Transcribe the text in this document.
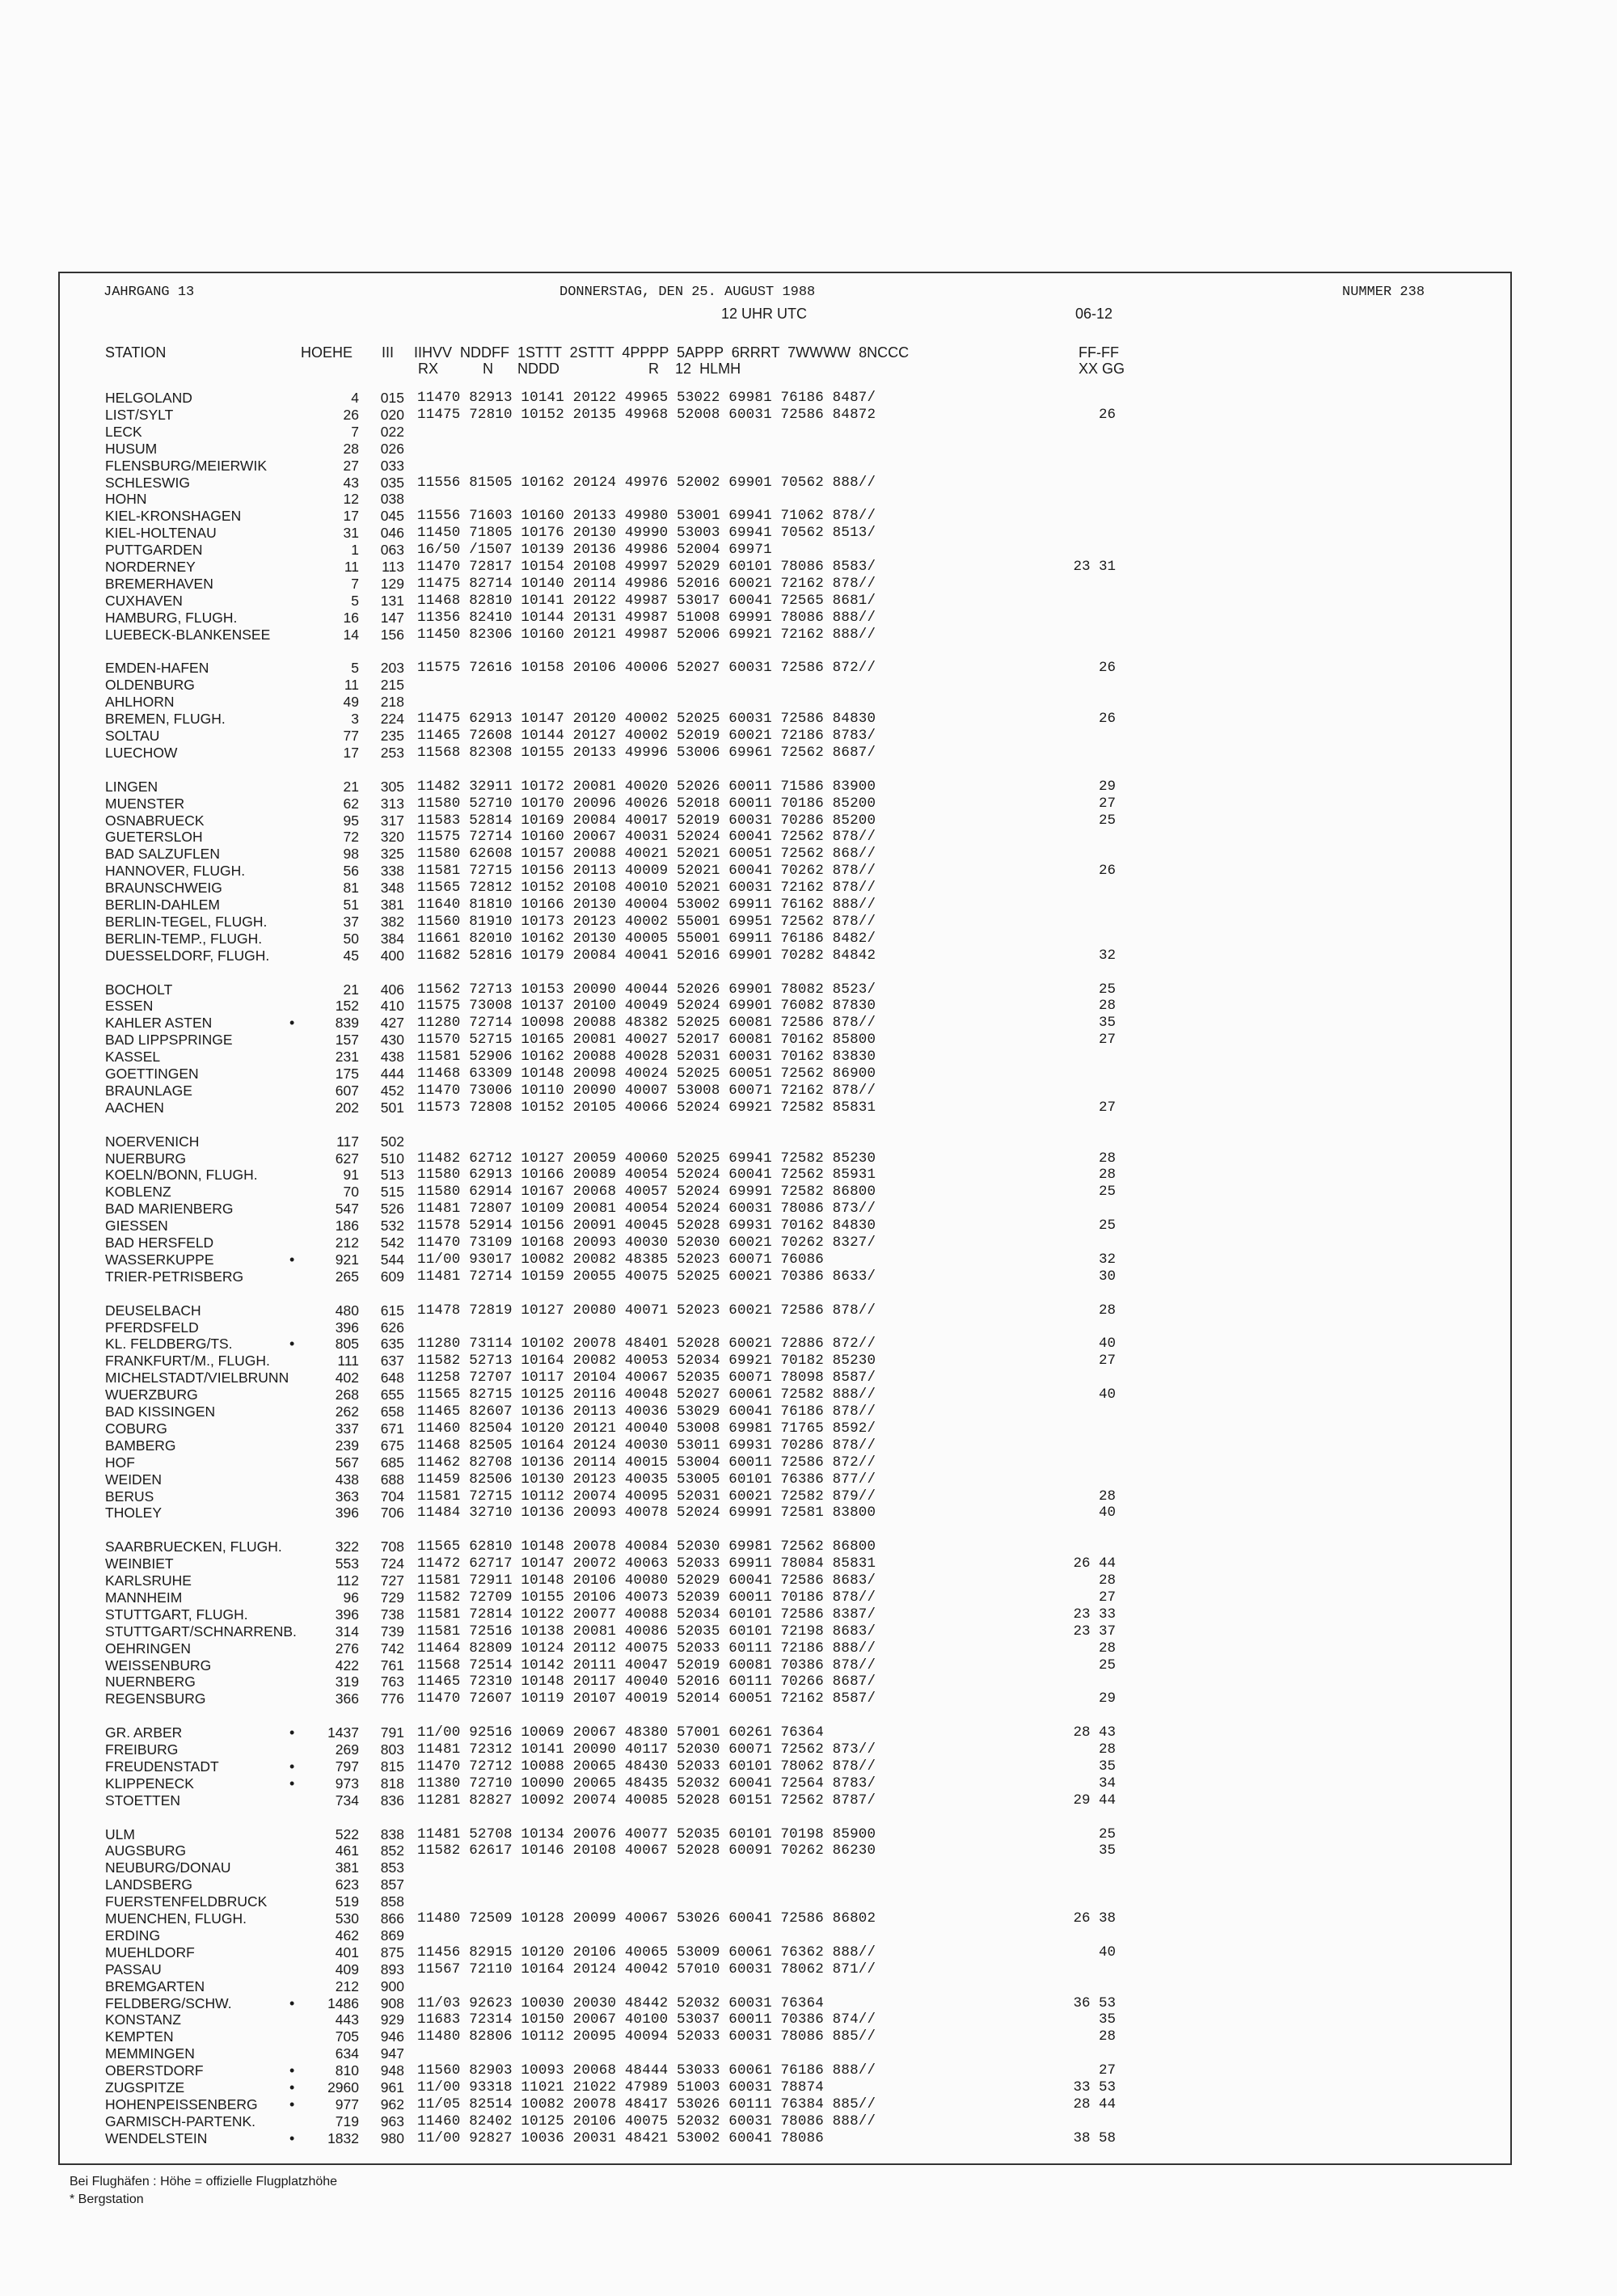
JAHRGANG 13	DONNERSTAG, DEN 25. AUGUST 1988	NUMMER 238
12 UHR UTC	06-12
STATION	HOEHE III IIHVV  NDDFF  1STTT  2STTT  4PPPP  5APPP  6RRRT  7WWWW  8NCCC
RX           N      NDDD                      R    12  HLMH
FF-FF
XX GG
HELGOLAND	4	015 11470 82913 10141 20122 49965 53022 69981 76186 8487/
LIST/SYLT	26	020 11475 72810 10152 20135 49968 52008 60031 72586 84872	26
LECK	7	022
HUSUM	28	026
FLENSBURG/MEIERWIK	27	033
SCHLESWIG	43	035 11556 81505 10162 20124 49976 52002 69901 70562 888//
HOHN	12	038
KIEL-KRONSHAGEN	17	045 11556 71603 10160 20133 49980 53001 69941 71062 878//
KIEL-HOLTENAU	31	046 11450 71805 10176 20130 49990 53003 69941 70562 8513/
PUTTGARDEN	1	063 16/50 /1507 10139 20136 49986 52004 69971
NORDERNEY	11	113 11470 72817 10154 20108 49997 52029 60101 78086 8583/	23 31
BREMERHAVEN	7	129 11475 82714 10140 20114 49986 52016 60021 72162 878//
CUXHAVEN	5	131 11468 82810 10141 20122 49987 53017 60041 72565 8681/
HAMBURG, FLUGH.	16	147 11356 82410 10144 20131 49987 51008 69991 78086 888//
LUEBECK-BLANKENSEE	14	156 11450 82306 10160 20121 49987 52006 69921 72162 888//
EMDEN-HAFEN	5	203 11575 72616 10158 20106 40006 52027 60031 72586 872//	26
OLDENBURG	11	215
AHLHORN	49	218
BREMEN, FLUGH.	3	224 11475 62913 10147 20120 40002 52025 60031 72586 84830	26
SOLTAU	77	235 11465 72608 10144 20127 40002 52019 60021 72186 8783/
LUECHOW	17	253 11568 82308 10155 20133 49996 53006 69961 72562 8687/
LINGEN	21	305 11482 32911 10172 20081 40020 52026 60011 71586 83900	29
MUENSTER	62	313 11580 52710 10170 20096 40026 52018 60011 70186 85200	27
OSNABRUECK	95	317 11583 52814 10169 20084 40017 52019 60031 70286 85200	25
GUETERSLOH	72	320 11575 72714 10160 20067 40031 52024 60041 72562 878//
BAD SALZUFLEN	98	325 11580 62608 10157 20088 40021 52021 60051 72562 868//
HANNOVER, FLUGH.	56	338 11581 72715 10156 20113 40009 52021 60041 70262 878//	26
BRAUNSCHWEIG	81	348 11565 72812 10152 20108 40010 52021 60031 72162 878//
BERLIN-DAHLEM	51	381 11640 81810 10166 20130 40004 53002 69911 76162 888//
BERLIN-TEGEL, FLUGH.	37	382 11560 81910 10173 20123 40002 55001 69951 72562 878//
BERLIN-TEMP., FLUGH.	50	384 11661 82010 10162 20130 40005 55001 69911 76186 8482/
DUESSELDORF, FLUGH.	45	400 11682 52816 10179 20084 40041 52016 69901 70282 84842	32
BOCHOLT	21	406 11562 72713 10153 20090 40044 52026 69901 78082 8523/	25
ESSEN	152	410 11575 73008 10137 20100 40049 52024 69901 76082 87830	28
KAHLER ASTEN	•	839	427 11280 72714 10098 20088 48382 52025 60081 72586 878//	35
BAD LIPPSPRINGE	157	430 11570 52715 10165 20081 40027 52017 60081 70162 85800	27
KASSEL	231	438 11581 52906 10162 20088 40028 52031 60031 70162 83830
GOETTINGEN	175	444 11468 63309 10148 20098 40024 52025 60051 72562 86900
BRAUNLAGE	607	452 11470 73006 10110 20090 40007 53008 60071 72162 878//
AACHEN	202	501 11573 72808 10152 20105 40066 52024 69921 72582 85831	27
NOERVENICH	117	502
NUERBURG	627	510 11482 62712 10127 20059 40060 52025 69941 72582 85230	28
KOELN/BONN, FLUGH.	91	513 11580 62913 10166 20089 40054 52024 60041 72562 85931	28
KOBLENZ	70	515 11580 62914 10167 20068 40057 52024 69991 72582 86800	25
BAD MARIENBERG	547	526 11481 72807 10109 20081 40054 52024 60031 78086 873//
GIESSEN	186	532 11578 52914 10156 20091 40045 52028 69931 70162 84830	25
BAD HERSFELD	212	542 11470 73109 10168 20093 40030 52030 60021 70262 8327/
WASSERKUPPE	•	921	544 11/00 93017 10082 20082 48385 52023 60071 76086	32
TRIER-PETRISBERG	265	609 11481 72714 10159 20055 40075 52025 60021 70386 8633/	30
DEUSELBACH	480	615 11478 72819 10127 20080 40071 52023 60021 72586 878//	28
PFERDSFELD	396	626
KL. FELDBERG/TS.	•	805	635 11280 73114 10102 20078 48401 52028 60021 72886 872//	40
FRANKFURT/M., FLUGH.	111	637 11582 52713 10164 20082 40053 52034 69921 70182 85230	27
MICHELSTADT/VIELBRUNN	402	648 11258 72707 10117 20104 40067 52035 60071 78098 8587/
WUERZBURG	268	655 11565 82715 10125 20116 40048 52027 60061 72582 888//	40
BAD KISSINGEN	262	658 11465 82607 10136 20113 40036 53029 60041 76186 878//
COBURG	337	671 11460 82504 10120 20121 40040 53008 69981 71765 8592/
BAMBERG	239	675 11468 82505 10164 20124 40030 53011 69931 70286 878//
HOF	567	685 11462 82708 10136 20114 40015 53004 60011 72586 872//
WEIDEN	438	688 11459 82506 10130 20123 40035 53005 60101 76386 877//
BERUS	363	704 11581 72715 10112 20074 40095 52031 60021 72582 879//	28
THOLEY	396	706 11484 32710 10136 20093 40078 52024 69991 72581 83800	40
SAARBRUECKEN, FLUGH.	322	708 11565 62810 10148 20078 40084 52030 69981 72562 86800
WEINBIET	553	724 11472 62717 10147 20072 40063 52033 69911 78084 85831	26 44
KARLSRUHE	112	727 11581 72911 10148 20106 40080 52029 60041 72586 8683/	28
MANNHEIM	96	729 11582 72709 10155 20106 40073 52039 60011 70186 878//	27
STUTTGART, FLUGH.	396	738 11581 72814 10122 20077 40088 52034 60101 72586 8387/	23 33
STUTTGART/SCHNARRENB.	314	739 11581 72516 10138 20081 40086 52035 60101 72198 8683/	23 37
OEHRINGEN	276	742 11464 82809 10124 20112 40075 52033 60111 72186 888//	28
WEISSENBURG	422	761 11568 72514 10142 20111 40047 52019 60081 70386 878//	25
NUERNBERG	319	763 11465 72310 10148 20117 40040 52016 60111 70266 8687/
REGENSBURG	366	776 11470 72607 10119 20107 40019 52014 60051 72162 8587/	29
GR. ARBER	•	1437	791 11/00 92516 10069 20067 48380 57001 60261 76364	28 43
FREIBURG	269	803 11481 72312 10141 20090 40117 52030 60071 72562 873//	28
FREUDENSTADT	•	797	815 11470 72712 10088 20065 48430 52033 60101 78062 878//	35
KLIPPENECK	•	973	818 11380 72710 10090 20065 48435 52032 60041 72564 8783/	34
STOETTEN	734	836 11281 82827 10092 20074 40085 52028 60151 72562 8787/	29 44
ULM	522	838 11481 52708 10134 20076 40077 52035 60101 70198 85900	25
AUGSBURG	461	852 11582 62617 10146 20108 40067 52028 60091 70262 86230	35
NEUBURG/DONAU	381	853
LANDSBERG	623	857
FUERSTENFELDBRUCK	519	858
MUENCHEN, FLUGH.	530	866 11480 72509 10128 20099 40067 53026 60041 72586 86802	26 38
ERDING	462	869
MUEHLDORF	401	875 11456 82915 10120 20106 40065 53009 60061 76362 888//	40
PASSAU	409	893 11567 72110 10164 20124 40042 57010 60031 78062 871//
BREMGARTEN	212	900
FELDBERG/SCHW.	•	1486	908 11/03 92623 10030 20030 48442 52032 60031 76364	36 53
KONSTANZ	443	929 11683 72314 10150 20067 40100 53037 60011 70386 874//	35
KEMPTEN	705	946 11480 82806 10112 20095 40094 52033 60031 78086 885//	28
MEMMINGEN	634	947
OBERSTDORF	•	810	948 11560 82903 10093 20068 48444 53033 60061 76186 888//	27
ZUGSPITZE	•	2960	961 11/00 93318 11021 21022 47989 51003 60031 78874	33 53
HOHENPEISSENBERG •	977	962 11/05 82514 10082 20078 48417 53026 60111 76384 885//	28 44
GARMISCH-PARTENK.	719	963 11460 82402 10125 20106 40075 52032 60031 78086 888//
WENDELSTEIN	•	1832	980 11/00 92827 10036 20031 48421 53002 60041 78086	38 58
Bei Flughäfen : Höhe = offizielle Flugplatzhöhe
* Bergstation
